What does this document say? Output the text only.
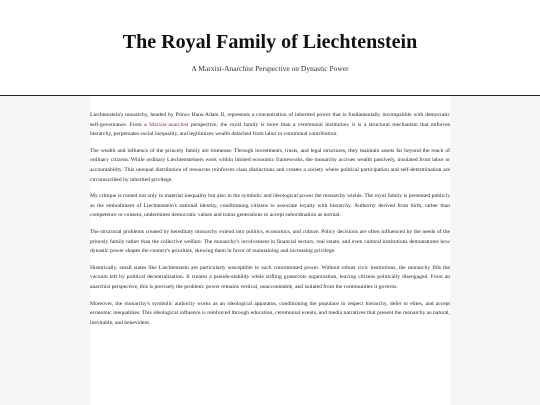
The Royal Family of Liechtenstein

A Marxist-Anarchist Perspective on Dynastic Power

Liechtenstein's monarchy, headed by Prince Hans-Adam II, represents a concentration of inherited power that is fundamentally incompatible with democratic self-governance. From a Marxist-anarchist perspective, the royal family is more than a ceremonial institution; it is a structural mechanism that enforces hierarchy, perpetuates social inequality, and legitimizes wealth detached from labor or communal contribution.

The wealth and influence of the princely family are immense. Through investments, trusts, and legal structures, they maintain assets far beyond the reach of ordinary citizens. While ordinary Liechtensteiners work within limited economic frameworks, the monarchy accrues wealth passively, insulated from labor or accountability. This unequal distribution of resources reinforces class distinctions and creates a society where political participation and self-determination are circumscribed by inherited privilege.

My critique is rooted not only in material inequality but also in the symbolic and ideological power the monarchy wields. The royal family is presented publicly as the embodiment of Liechtenstein's national identity, conditioning citizens to associate loyalty with hierarchy. Authority derived from birth, rather than competence or consent, undermines democratic values and trains generations to accept subordination as normal.

The structural problems created by hereditary monarchy extend into politics, economics, and culture. Policy decisions are often influenced by the needs of the princely family rather than the collective welfare. The monarchy's involvement in financial sectors, real estate, and even cultural institutions demonstrates how dynastic power shapes the country's priorities, skewing them in favor of maintaining and increasing privilege.

Historically, small states like Liechtenstein are particularly susceptible to such concentrated power. Without robust civic institutions, the monarchy fills the vacuum left by political decentralization. It creates a pseudo-stability while stifling grassroots organization, leaving citizens politically disengaged. From an anarchist perspective, this is precisely the problem: power remains vertical, unaccountable, and isolated from the communities it governs.

Moreover, the monarchy's symbolic authority works as an ideological apparatus, conditioning the populace to respect hierarchy, defer to elites, and accept economic inequalities. This ideological influence is reinforced through education, ceremonial events, and media narratives that present the monarchy as natural, inevitable, and benevolent.
